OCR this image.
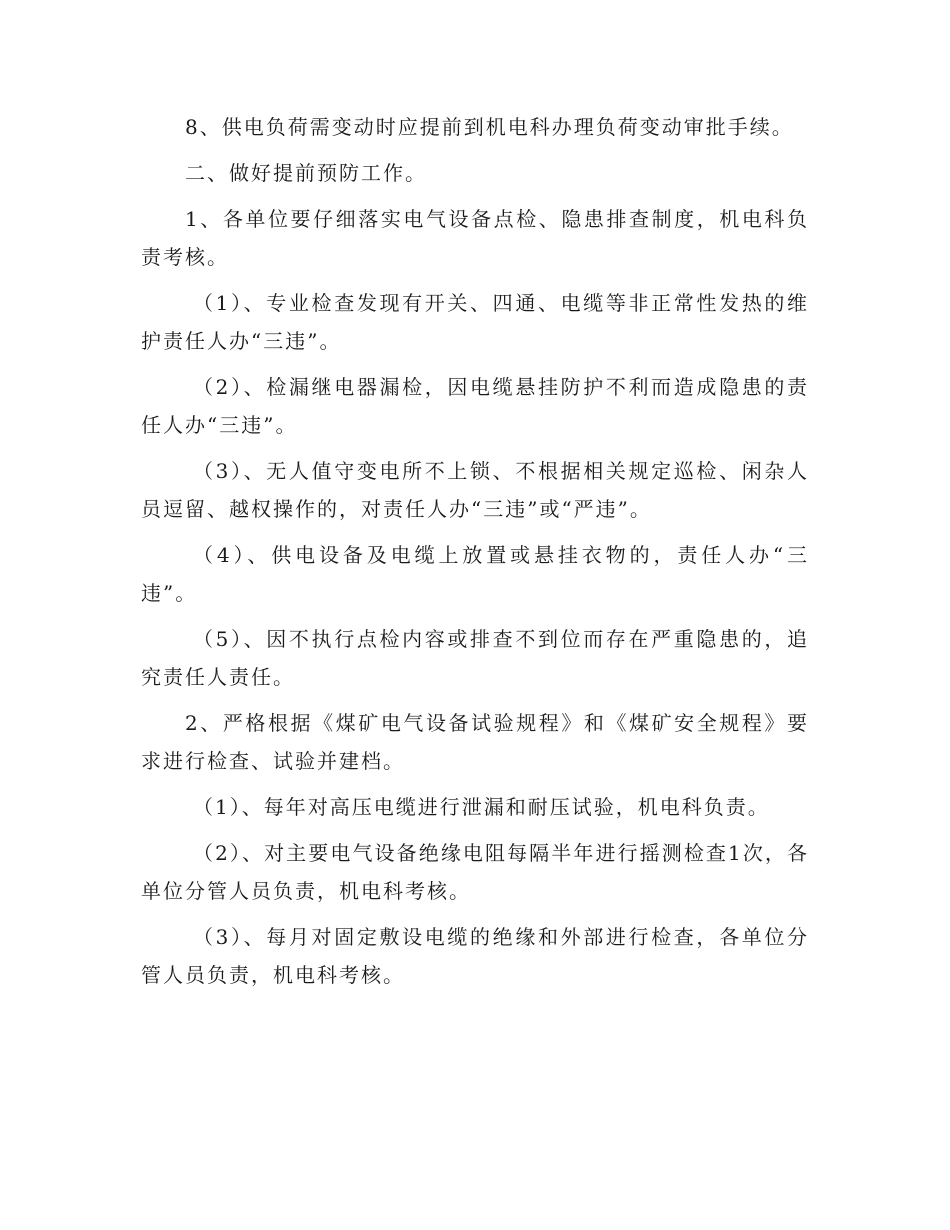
8、供电负荷需变动时应提前到机电科办理负荷变动审批手续。

二、做好提前预防工作。

1、各单位要仔细落实电气设备点检、隐患排查制度，机电科负责考核。

（1）、专业检查发现有开关、四通、电缆等非正常性发热的维护责任人办“三违”。

（2）、检漏继电器漏检，因电缆悬挂防护不利而造成隐患的责任人办“三违”。

（3）、无人值守变电所不上锁、不根据相关规定巡检、闲杂人员逗留、越权操作的，对责任人办“三违”或“严违”。

（4）、供电设备及电缆上放置或悬挂衣物的，责任人办“三违”。

（5）、因不执行点检内容或排查不到位而存在严重隐患的，追究责任人责任。

2、严格根据《煤矿电气设备试验规程》和《煤矿安全规程》要求进行检查、试验并建档。

（1）、每年对高压电缆进行泄漏和耐压试验，机电科负责。

（2）、对主要电气设备绝缘电阻每隔半年进行摇测检查1次，各单位分管人员负责，机电科考核。

（3）、每月对固定敷设电缆的绝缘和外部进行检查，各单位分管人员负责，机电科考核。
